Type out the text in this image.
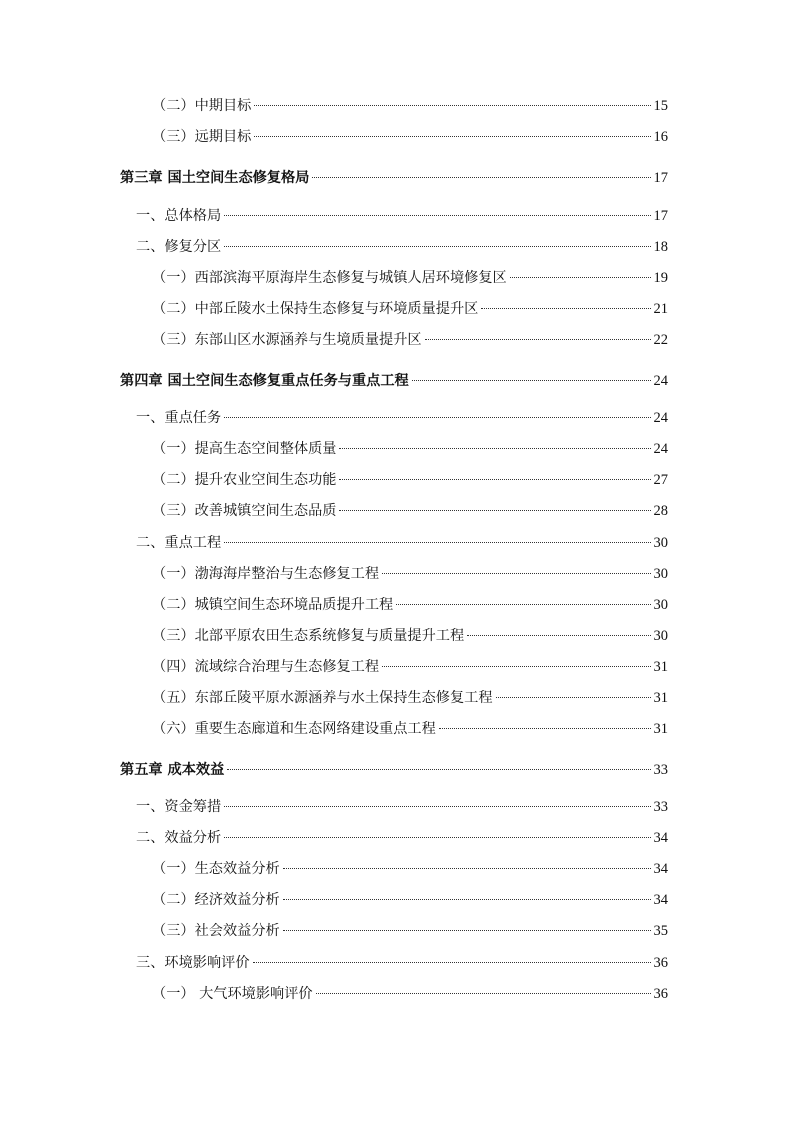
（二）中期目标	15
（三）远期目标	16
第三章 国土空间生态修复格局	17
一、总体格局	17
二、修复分区	18
（一）西部滨海平原海岸生态修复与城镇人居环境修复区	19
（二）中部丘陵水土保持生态修复与环境质量提升区	21
（三）东部山区水源涵养与生境质量提升区	22
第四章 国土空间生态修复重点任务与重点工程	24
一、重点任务	24
（一）提高生态空间整体质量	24
（二）提升农业空间生态功能	27
（三）改善城镇空间生态品质	28
二、重点工程	30
（一）渤海海岸整治与生态修复工程	30
（二）城镇空间生态环境品质提升工程	30
（三）北部平原农田生态系统修复与质量提升工程	30
（四）流域综合治理与生态修复工程	31
（五）东部丘陵平原水源涵养与水土保持生态修复工程	31
（六）重要生态廊道和生态网络建设重点工程	31
第五章 成本效益	33
一、资金筹措	33
二、效益分析	34
（一）生态效益分析	34
（二）经济效益分析	34
（三）社会效益分析	35
三、环境影响评价	36
（一） 大气环境影响评价	36
